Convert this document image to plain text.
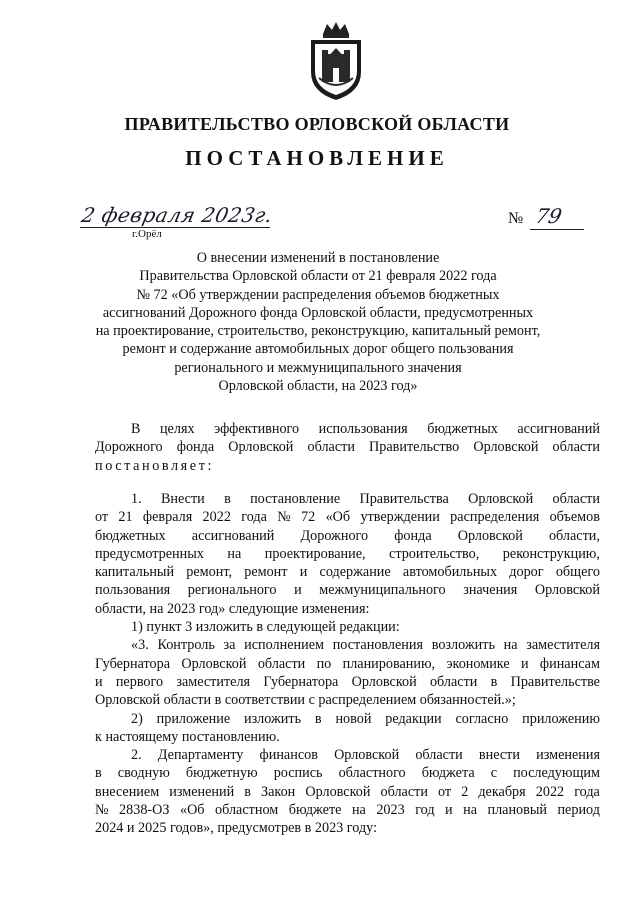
ПРАВИТЕЛЬСТВО ОРЛОВСКОЙ ОБЛАСТИ
ПОСТАНОВЛЕНИЕ
2 февраля 2023г.
г.Орёл
№ 79
О внесении изменений в постановление
Правительства Орловской области от 21 февраля 2022 года
№ 72 «Об утверждении распределения объемов бюджетных
ассигнований Дорожного фонда Орловской области, предусмотренных
на проектирование, строительство, реконструкцию, капитальный ремонт,
ремонт и содержание автомобильных дорог общего пользования
регионального и межмуниципального значения
Орловской области, на 2023 год»
В целях эффективного использования бюджетных ассигнований
Дорожного фонда Орловской области Правительство Орловской области
постановляет:
1. Внести в постановление Правительства Орловской области
от 21 февраля 2022 года № 72 «Об утверждении распределения объемов
бюджетных ассигнований Дорожного фонда Орловской области,
предусмотренных на проектирование, строительство, реконструкцию,
капитальный ремонт, ремонт и содержание автомобильных дорог общего
пользования регионального и межмуниципального значения Орловской
области, на 2023 год» следующие изменения:
1) пункт 3 изложить в следующей редакции:
«3. Контроль за исполнением постановления возложить на заместителя
Губернатора Орловской области по планированию, экономике и финансам
и первого заместителя Губернатора Орловской области в Правительстве
Орловской области в соответствии с распределением обязанностей.»;
2) приложение изложить в новой редакции согласно приложению
к настоящему постановлению.
2. Департаменту финансов Орловской области внести изменения
в сводную бюджетную роспись областного бюджета с последующим
внесением изменений в Закон Орловской области от 2 декабря 2022 года
№ 2838-ОЗ «Об областном бюджете на 2023 год и на плановый период
2024 и 2025 годов», предусмотрев в 2023 году:
